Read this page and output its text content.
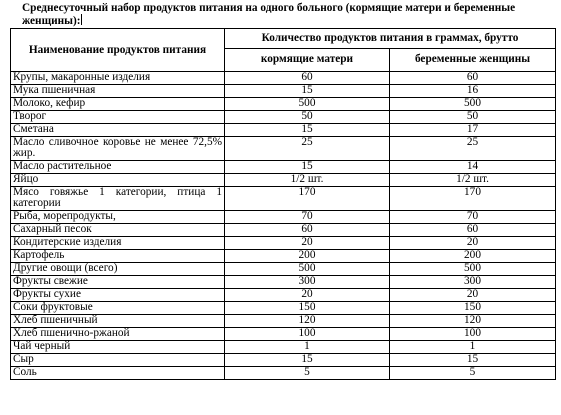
Среднесуточный набор продуктов питания на одного больного (кормящие матери и беременные женщины):

Наименование продуктов питания	Количество продуктов питания в граммах, брутто	
	кормящие матери	беременные женщины
Крупы, макаронные изделия	60	60
Мука пшеничная	15	16
Молоко, кефир	500	500
Творог	50	50
Сметана	15	17
Масло сливочное коровье не менее 72,5% жир.	25	25
Масло растительное	15	14
Яйцо	1/2 шт.	1/2 шт.
Мясо говяжье 1 категории, птица 1 категории	170	170
Рыба, морепродукты,	70	70
Сахарный песок	60	60
Кондитерские изделия	20	20
Картофель	200	200
Другие овощи (всего)	500	500
Фрукты свежие	300	300
Фрукты сухие	20	20
Соки фруктовые	150	150
Хлеб пшеничный	120	120
Хлеб пшенично-ржаной	100	100
Чай черный	1	1
Сыр	15	15
Соль	5	5
